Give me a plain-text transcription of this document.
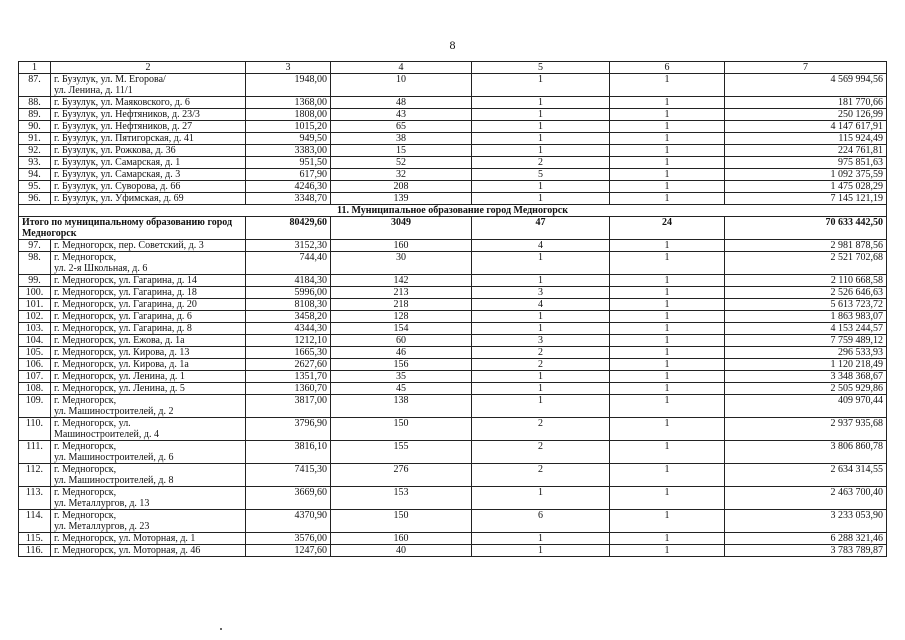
8
1	2	3	4	5	6	7
87.	г. Бузулук, ул. М. Егорова/
ул. Ленина, д. 11/1	1948,00	10	1	1	4 569 994,56
88.	г. Бузулук, ул. Маяковского, д. 6	1368,00	48	1	1	181 770,66
89.	г. Бузулук, ул. Нефтяников, д. 23/3	1808,00	43	1	1	250 126,99
90.	г. Бузулук, ул. Нефтяников, д. 27	1015,20	65	1	1	4 147 617,91
91.	г. Бузулук, ул. Пятигорская, д. 41	949,50	38	1	1	115 924,49
92.	г. Бузулук, ул. Рожкова, д. 36	3383,00	15	1	1	224 761,81
93.	г. Бузулук, ул. Самарская, д. 1	951,50	52	2	1	975 851,63
94.	г. Бузулук, ул. Самарская, д. 3	617,90	32	5	1	1 092 375,59
95.	г. Бузулук, ул. Суворова, д. 66	4246,30	208	1	1	1 475 028,29
96.	г. Бузулук, ул. Уфимская, д. 69	3348,70	139	1	1	7 145 121,19
11. Муниципальное образование город Медногорск						
Итого по муниципальному образованию город Медногорск		80429,60	3049	47	24	70 633 442,50
97.	г. Медногорск, пер. Советский, д. 3	3152,30	160	4	1	2 981 878,56
98.	г. Медногорск,
ул. 2-я Школьная, д. 6	744,40	30	1	1	2 521 702,68
99.	г. Медногорск, ул. Гагарина, д. 14	4184,30	142	1	1	2 110 668,58
100.	г. Медногорск, ул. Гагарина, д. 18	5996,00	213	3	1	2 526 646,63
101.	г. Медногорск, ул. Гагарина, д. 20	8108,30	218	4	1	5 613 723,72
102.	г. Медногорск, ул. Гагарина, д. 6	3458,20	128	1	1	1 863 983,07
103.	г. Медногорск, ул. Гагарина, д. 8	4344,30	154	1	1	4 153 244,57
104.	г. Медногорск, ул. Ежова, д. 1а	1212,10	60	3	1	7 759 489,12
105.	г. Медногорск, ул. Кирова, д. 13	1665,30	46	2	1	296 533,93
106.	г. Медногорск, ул. Кирова, д. 1а	2627,60	156	2	1	1 120 218,49
107.	г. Медногорск, ул. Ленина, д. 1	1351,70	35	1	1	3 348 368,67
108.	г. Медногорск, ул. Ленина, д. 5	1360,70	45	1	1	2 505 929,86
109.	г. Медногорск,
ул. Машиностроителей, д. 2	3817,00	138	1	1	409 970,44
110.	г. Медногорск, ул.
Машиностроителей, д. 4	3796,90	150	2	1	2 937 935,68
111.	г. Медногорск,
ул. Машиностроителей, д. 6	3816,10	155	2	1	3 806 860,78
112.	г. Медногорск,
ул. Машиностроителей, д. 8	7415,30	276	2	1	2 634 314,55
113.	г. Медногорск,
ул. Металлургов, д. 13	3669,60	153	1	1	2 463 700,40
114.	г. Медногорск,
ул. Металлургов, д. 23	4370,90	150	6	1	3 233 053,90
115.	г. Медногорск, ул. Моторная, д. 1	3576,00	160	1	1	6 288 321,46
116.	г. Медногорск, ул. Моторная, д. 46	1247,60	40	1	1	3 783 789,87
